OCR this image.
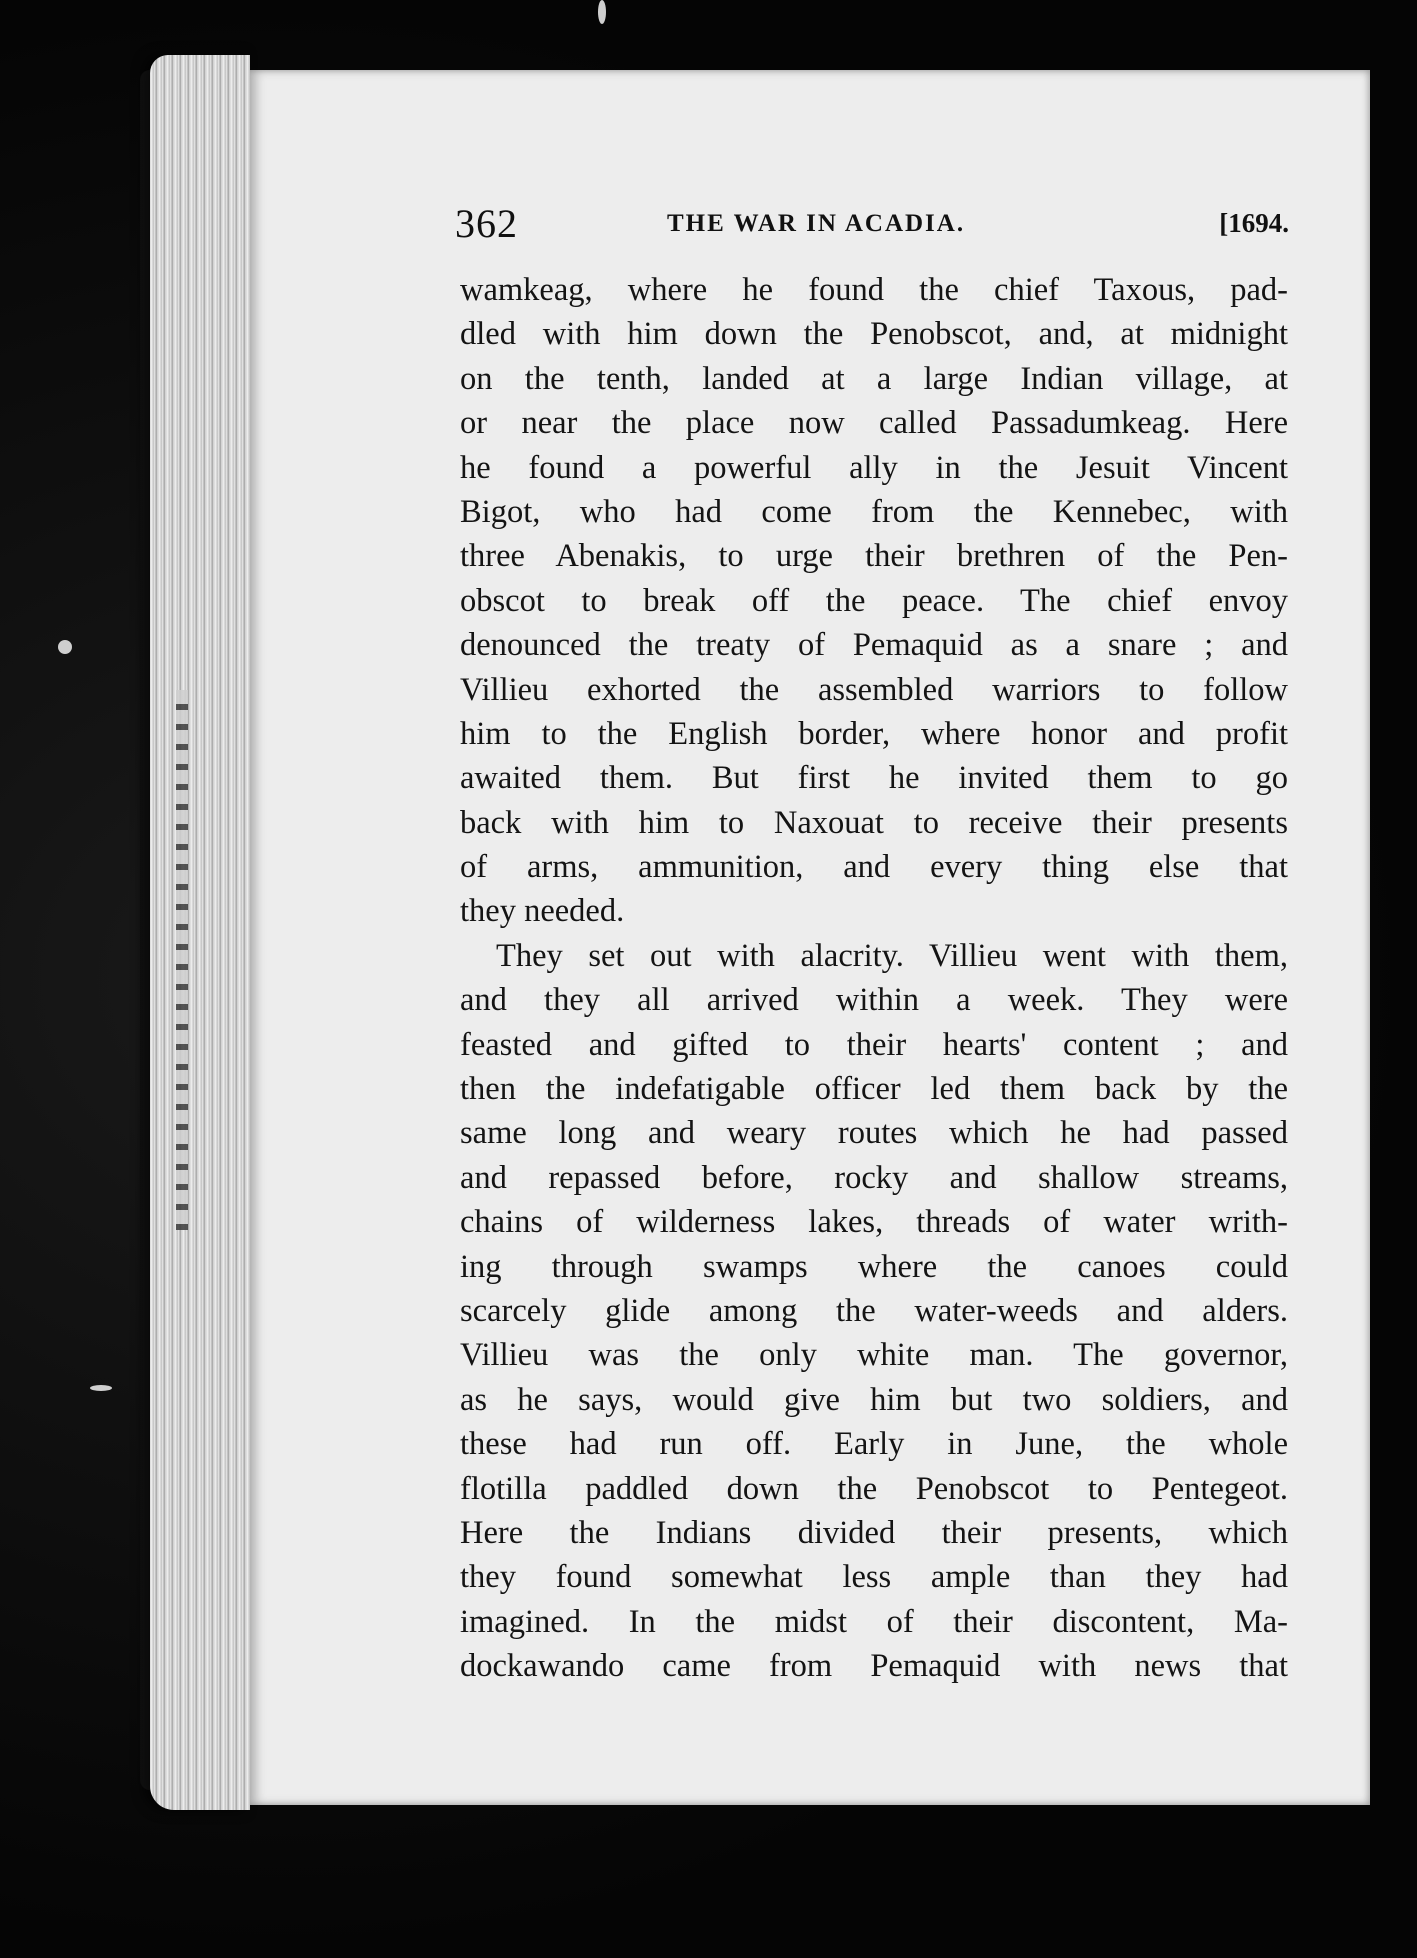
362	THE WAR IN ACADIA.	[1694.
wamkeag, where he found the chief Taxous, pad-
dled with him down the Penobscot, and, at midnight
on the tenth, landed at a large Indian village, at
or near the place now called Passadumkeag. Here
he found a powerful ally in the Jesuit Vincent
Bigot, who had come from the Kennebec, with
three Abenakis, to urge their brethren of the Pen-
obscot to break off the peace. The chief envoy
denounced the treaty of Pemaquid as a snare ; and
Villieu exhorted the assembled warriors to follow
him to the English border, where honor and profit
awaited them. But first he invited them to go
back with him to Naxouat to receive their presents
of arms, ammunition, and every thing else that
they needed.
They set out with alacrity. Villieu went with them,
and they all arrived within a week. They were
feasted and gifted to their hearts' content ; and
then the indefatigable officer led them back by the
same long and weary routes which he had passed
and repassed before, rocky and shallow streams,
chains of wilderness lakes, threads of water writh-
ing through swamps where the canoes could
scarcely glide among the water-weeds and alders.
Villieu was the only white man. The governor,
as he says, would give him but two soldiers, and
these had run off. Early in June, the whole
flotilla paddled down the Penobscot to Pentegeot.
Here the Indians divided their presents, which
they found somewhat less ample than they had
imagined. In the midst of their discontent, Ma-
dockawando came from Pemaquid with news that
